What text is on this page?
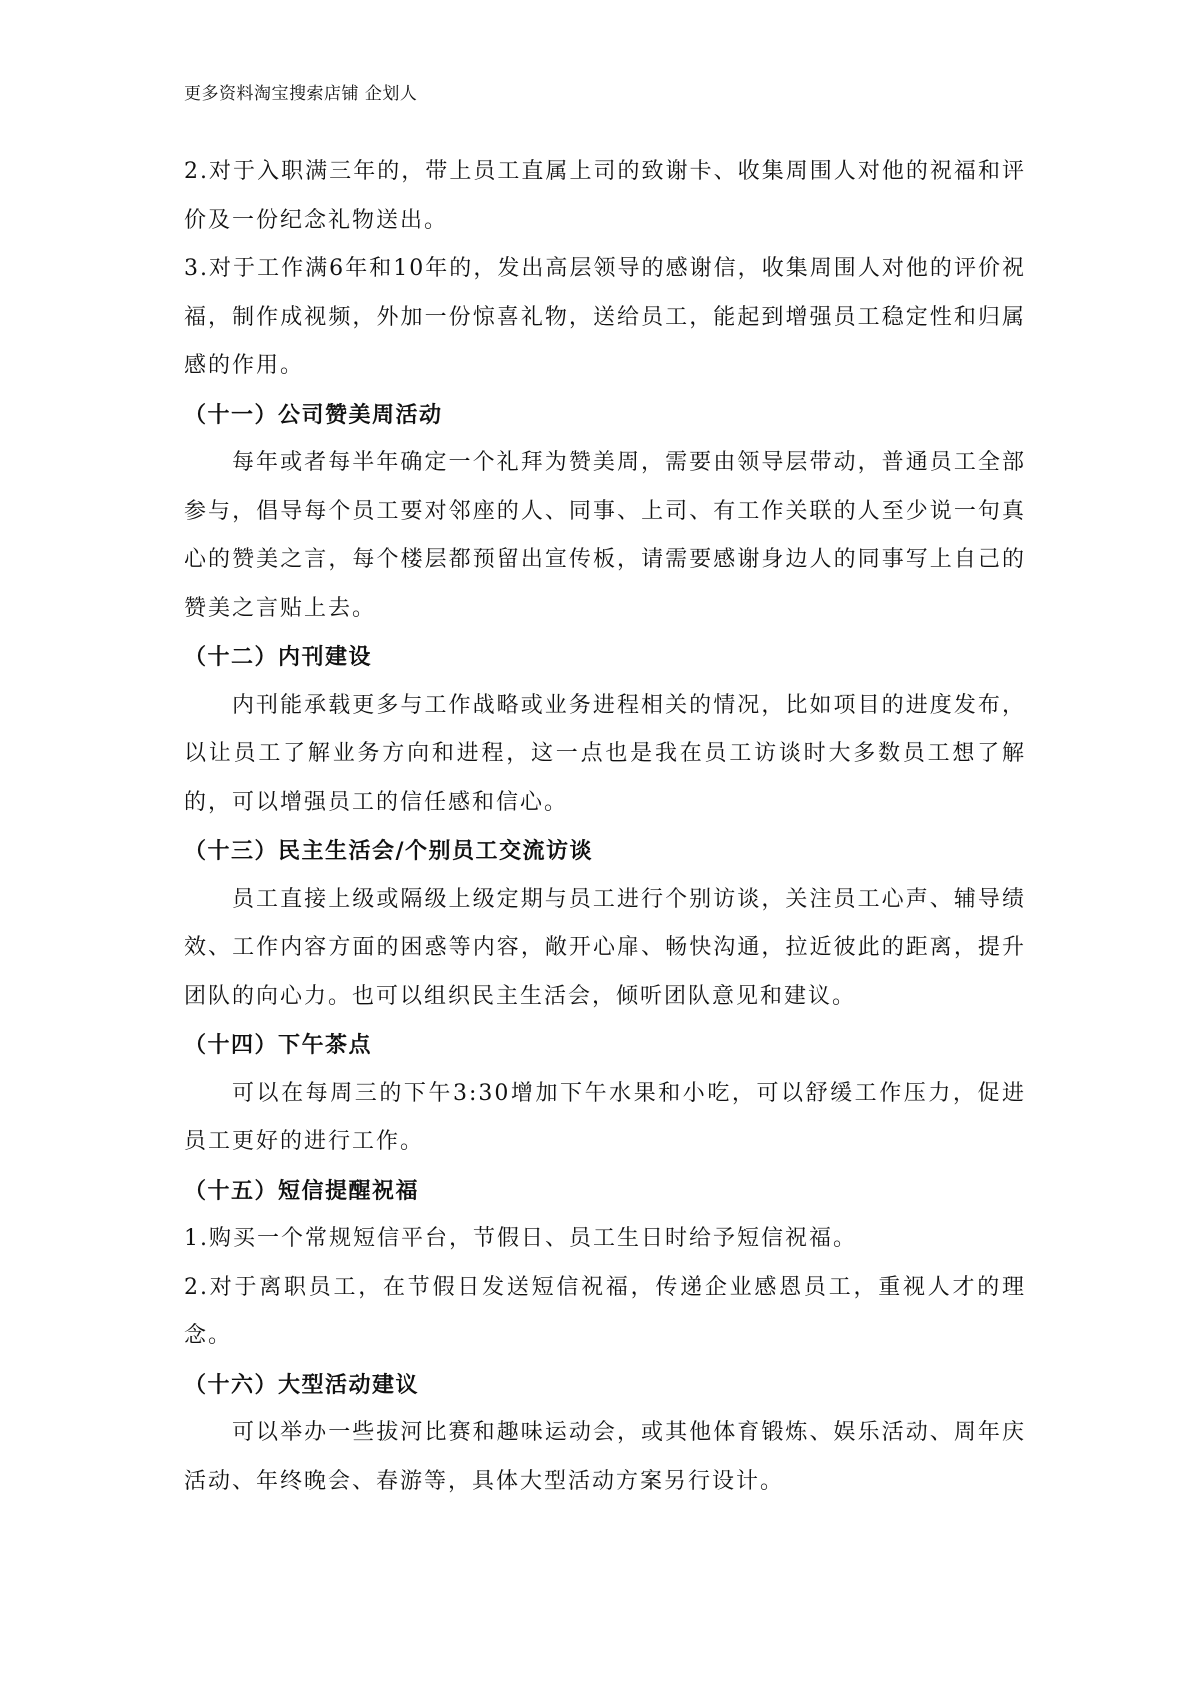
更多资料淘宝搜索店铺 企划人

2.对于入职满三年的，带上员工直属上司的致谢卡、收集周围人对他的祝福和评价及一份纪念礼物送出。

3.对于工作满6年和10年的，发出高层领导的感谢信，收集周围人对他的评价祝福，制作成视频，外加一份惊喜礼物，送给员工，能起到增强员工稳定性和归属感的作用。

（十一）公司赞美周活动

每年或者每半年确定一个礼拜为赞美周，需要由领导层带动，普通员工全部参与，倡导每个员工要对邻座的人、同事、上司、有工作关联的人至少说一句真心的赞美之言，每个楼层都预留出宣传板，请需要感谢身边人的同事写上自己的赞美之言贴上去。

（十二）内刊建设

内刊能承载更多与工作战略或业务进程相关的情况，比如项目的进度发布，以让员工了解业务方向和进程，这一点也是我在员工访谈时大多数员工想了解的，可以增强员工的信任感和信心。

（十三）民主生活会/个别员工交流访谈

员工直接上级或隔级上级定期与员工进行个别访谈，关注员工心声、辅导绩效、工作内容方面的困惑等内容，敞开心扉、畅快沟通，拉近彼此的距离，提升团队的向心力。也可以组织民主生活会，倾听团队意见和建议。

（十四）下午茶点

可以在每周三的下午3:30增加下午水果和小吃，可以舒缓工作压力，促进员工更好的进行工作。

（十五）短信提醒祝福

1.购买一个常规短信平台，节假日、员工生日时给予短信祝福。

2.对于离职员工，在节假日发送短信祝福，传递企业感恩员工，重视人才的理念。

（十六）大型活动建议

可以举办一些拔河比赛和趣味运动会，或其他体育锻炼、娱乐活动、周年庆活动、年终晚会、春游等，具体大型活动方案另行设计。
